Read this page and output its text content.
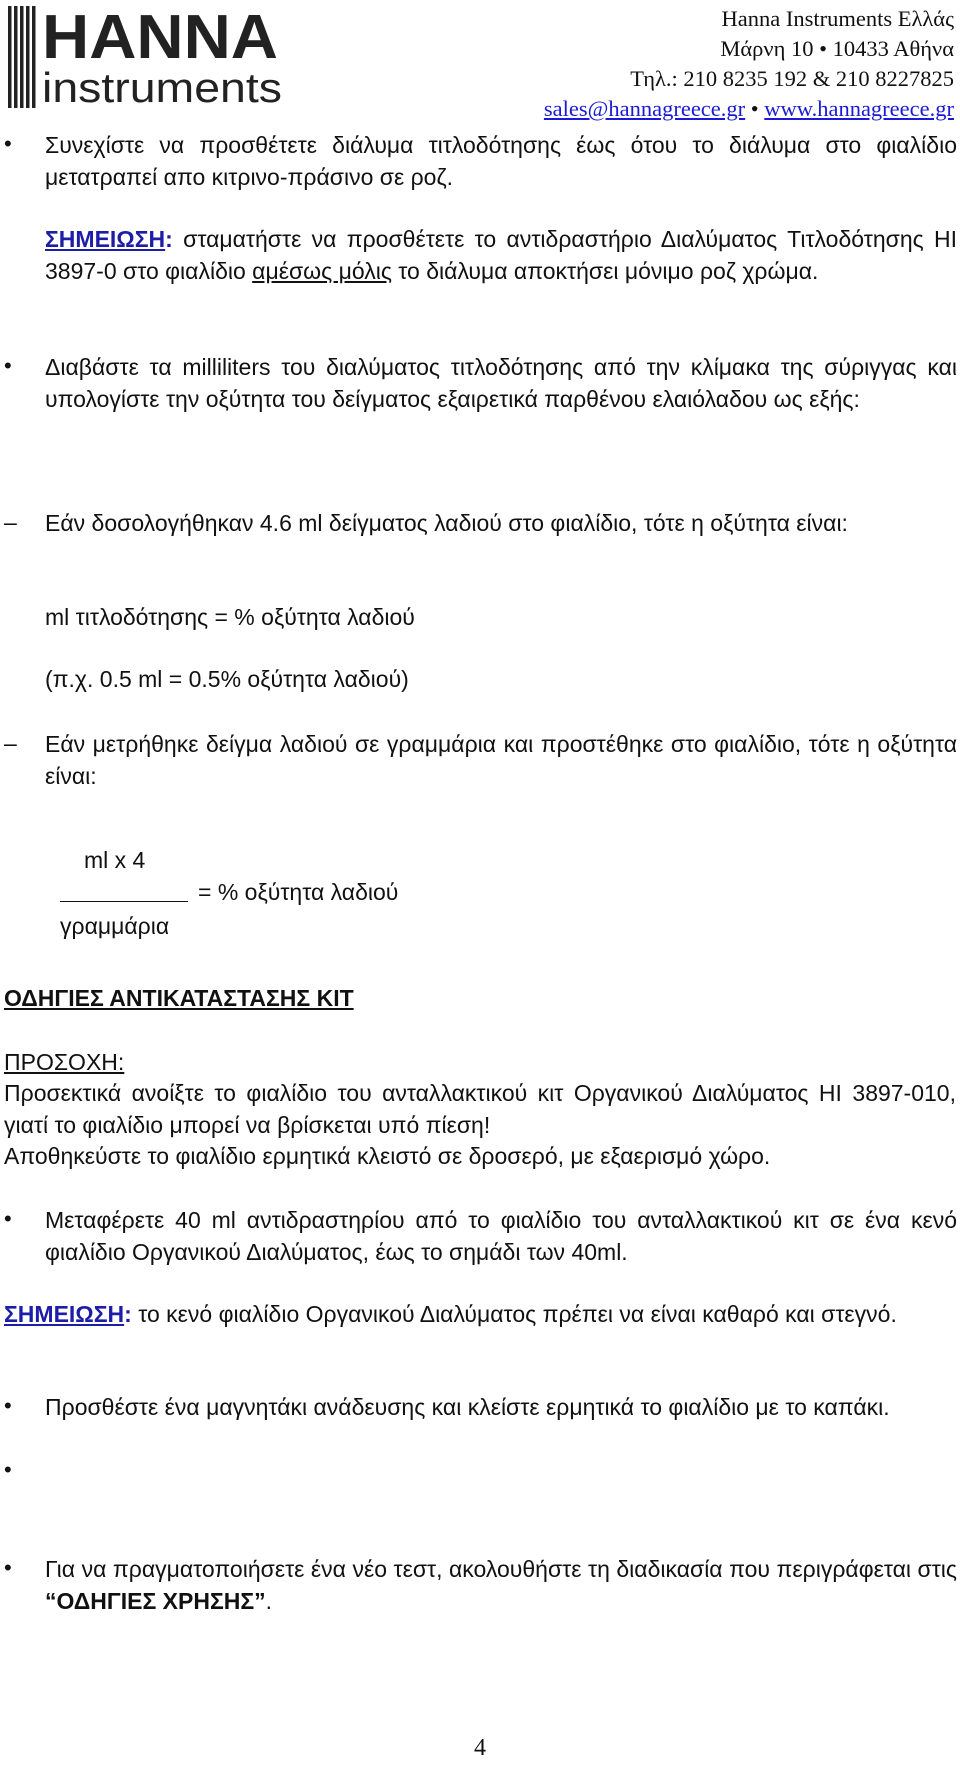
HANNA
instruments
Hanna Instruments Ελλάς
Μάρνη 10 • 10433 Αθήνα
Τηλ.: 210 8235 192 & 210 8227825
sales@hannagreece.gr • www.hannagreece.gr
• Συνεχίστε να προσθέτετε διάλυμα τιτλοδότησης έως ότου το διάλυμα στο φιαλίδιο μετατραπεί απο κιτρινο-πράσινο σε ροζ.
ΣΗΜΕΙΩΣΗ: σταματήστε να προσθέτετε το αντιδραστήριο Διαλύματος Τιτλοδότησης HI 3897-0 στο φιαλίδιο αμέσως μόλις το διάλυμα αποκτήσει μόνιμο ροζ χρώμα.
• Διαβάστε τα milliliters του διαλύματος τιτλοδότησης από την κλίμακα της σύριγγας και υπολογίστε την οξύτητα του δείγματος εξαιρετικά παρθένου ελαιόλαδου ως εξής:
– Εάν δοσολογήθηκαν 4.6 ml δείγματος λαδιού στο φιαλίδιο, τότε η οξύτητα είναι:
ml τιτλοδότησης = % οξύτητα λαδιού
(π.χ. 0.5 ml = 0.5% οξύτητα λαδιού)
– Εάν μετρήθηκε δείγμα λαδιού σε γραμμάρια και προστέθηκε στο φιαλίδιο, τότε η οξύτητα είναι:
ml x 4
= % οξύτητα λαδιού
γραμμάρια
ΟΔΗΓΙΕΣ ΑΝΤΙΚΑΤΑΣΤΑΣΗΣ ΚΙΤ
ΠΡΟΣΟΧΗ:
Προσεκτικά ανοίξτε το φιαλίδιο του ανταλλακτικού κιτ Οργανικού Διαλύματος HI 3897-010, γιατί το φιαλίδιο μπορεί να βρίσκεται υπό πίεση!
Αποθηκεύστε το φιαλίδιο ερμητικά κλειστό σε δροσερό, με εξαερισμό χώρο.
• Μεταφέρετε 40 ml αντιδραστηρίου από το φιαλίδιο του ανταλλακτικού κιτ σε ένα κενό φιαλίδιο Οργανικού Διαλύματος, έως το σημάδι των 40ml.
ΣΗΜΕΙΩΣΗ: το κενό φιαλίδιο Οργανικού Διαλύματος πρέπει να είναι καθαρό και στεγνό.
• Προσθέστε ένα μαγνητάκι ανάδευσης και κλείστε ερμητικά το φιαλίδιο με το καπάκι.
•
• Για να πραγματοποιήσετε ένα νέο τεστ, ακολουθήστε τη διαδικασία που περιγράφεται στις “ΟΔΗΓΙΕΣ ΧΡΗΣΗΣ”.
4
